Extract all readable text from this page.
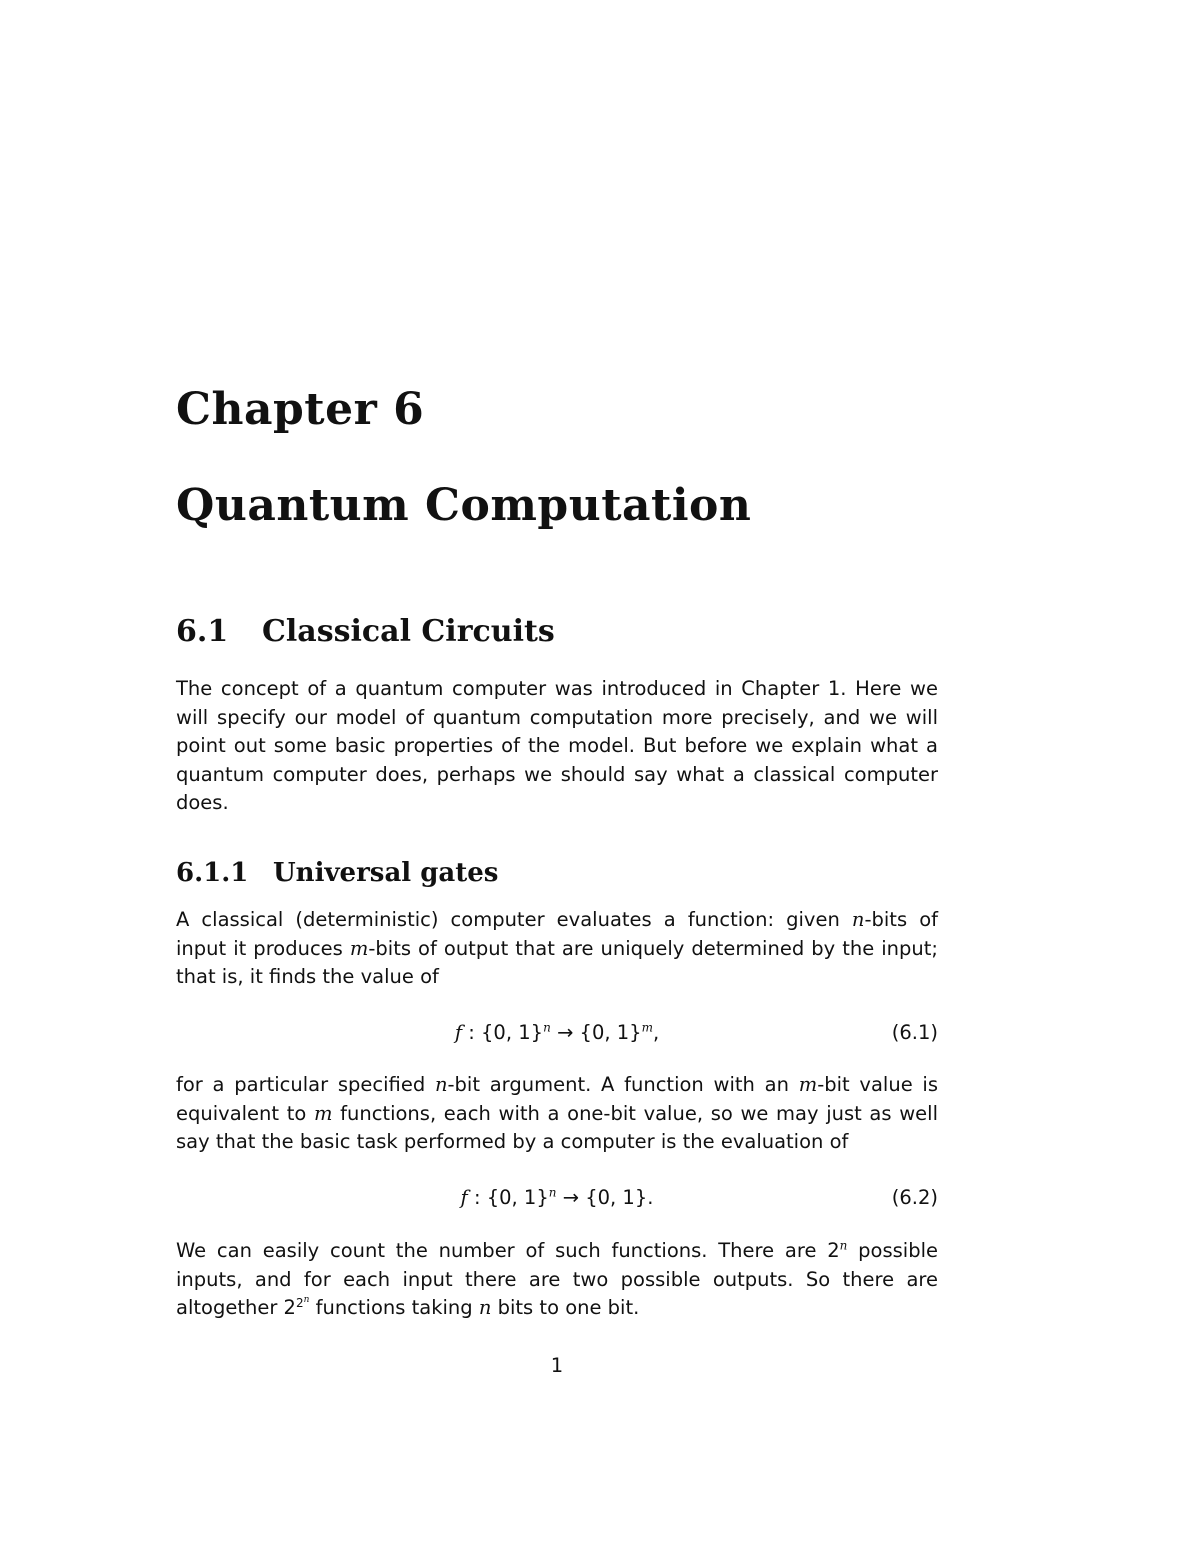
Chapter 6
Quantum Computation
6.1 Classical Circuits

The concept of a quantum computer was introduced in Chapter 1. Here we
will specify our model of quantum computation more precisely, and we will
point out some basic properties of the model. But before we explain what a
quantum computer does, perhaps we should say what a classical computer
does.

6.1.1 Universal gates

A classical (deterministic) computer evaluates a function: given n-bits of
input it produces m-bits of output that are uniquely determined by the input;
that is, it finds the value of

f : {0, 1}$^n$ → {0, 1}$^m$,	(6.1)

for a particular specified n-bit argument. A function with an m-bit value is
equivalent to m functions, each with a one-bit value, so we may just as well
say that the basic task performed by a computer is the evaluation of

f : {0, 1}$^n$ → {0, 1}.	(6.2)

We can easily count the number of such functions. There are 2$^n$ possible
inputs, and for each input there are two possible outputs. So there are
altogether $2^{2^n}$ functions taking n bits to one bit.

1
